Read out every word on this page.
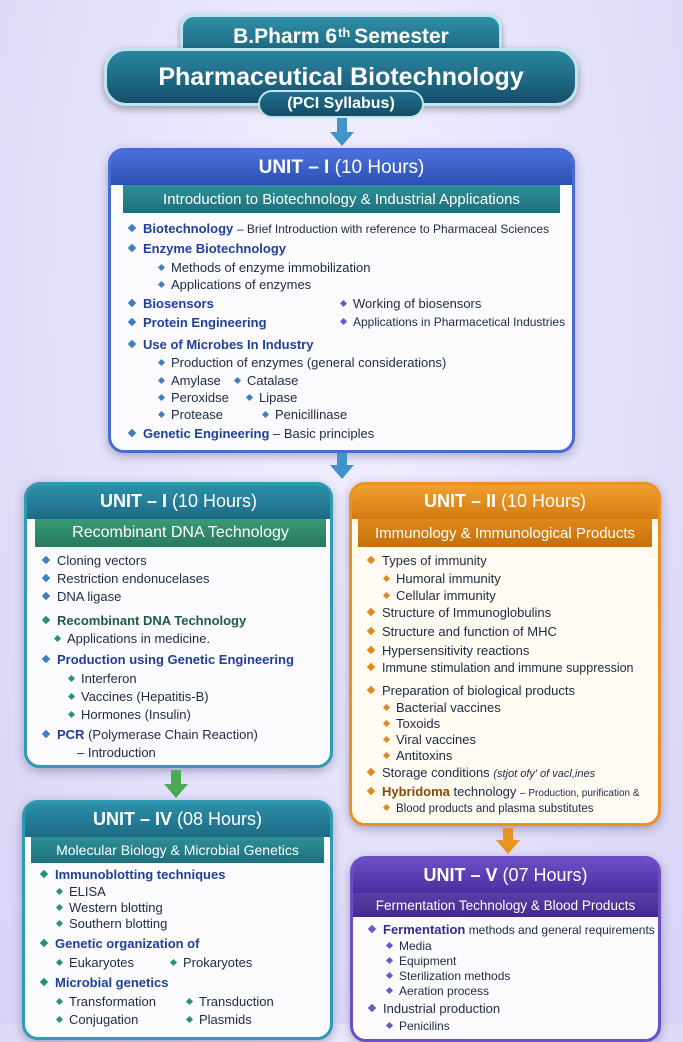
B.Pharm 6th Semester
Pharmaceutical Biotechnology
(PCI Syllabus)
UNIT – I (10 Hours)
Introduction to Biotechnology & Industrial Applications
Biotechnology – Brief Introduction with reference to Pharmaceal Sciences
Enzyme Biotechnology
Methods of enzyme immobilization
Applications of enzymes
Biosensors
Protein Engineering
Working of biosensors
Applications in Pharmacetical Industries
Use of Microbes In Industry
Production of enzymes (general considerations)
Amylase	Catalase
Peroxidse	Lipase
Protease	Penicillinase
Genetic Engineering – Basic principles
UNIT – I (10 Hours)
Recombinant DNA Technology
Cloning vectors
Restriction endonucelases
DNA ligase
Recombinant DNA Technology
Applications in medicine.
Production using Genetic Engineering
Interferon
Vaccines (Hepatitis-B)
Hormones (Insulin)
PCR (Polymerase Chain Reaction)
– Introduction
UNIT – II (10 Hours)
Immunology & Immunological Products
Types of immunity
Humoral immunity
Cellular immunity
Structure of Immunoglobulins
Structure and function of MHC
Hypersensitivity reactions
Immune stimulation and immune suppression
Preparation of biological products
Bacterial vaccines
Toxoids
Viral vaccines
Antitoxins
Storage conditions (stjot ofy' of vacl,ines
Hybridoma technology – Production, purification &
Blood products and plasma substitutes
UNIT – IV (08 Hours)
Molecular Biology & Microbial Genetics
Immunoblotting techniques
ELISA
Western blotting
Southern blotting
Genetic organization of
Eukaryotes	Prokaryotes
Microbial genetics
Transformation	Transduction
Conjugation	Plasmids
UNIT – V (07 Hours)
Fermentation Technology & Blood Products
Fermentation methods and general requirements
Media
Equipment
Sterilization methods
Aeration process
Industrial production
Penicilins
